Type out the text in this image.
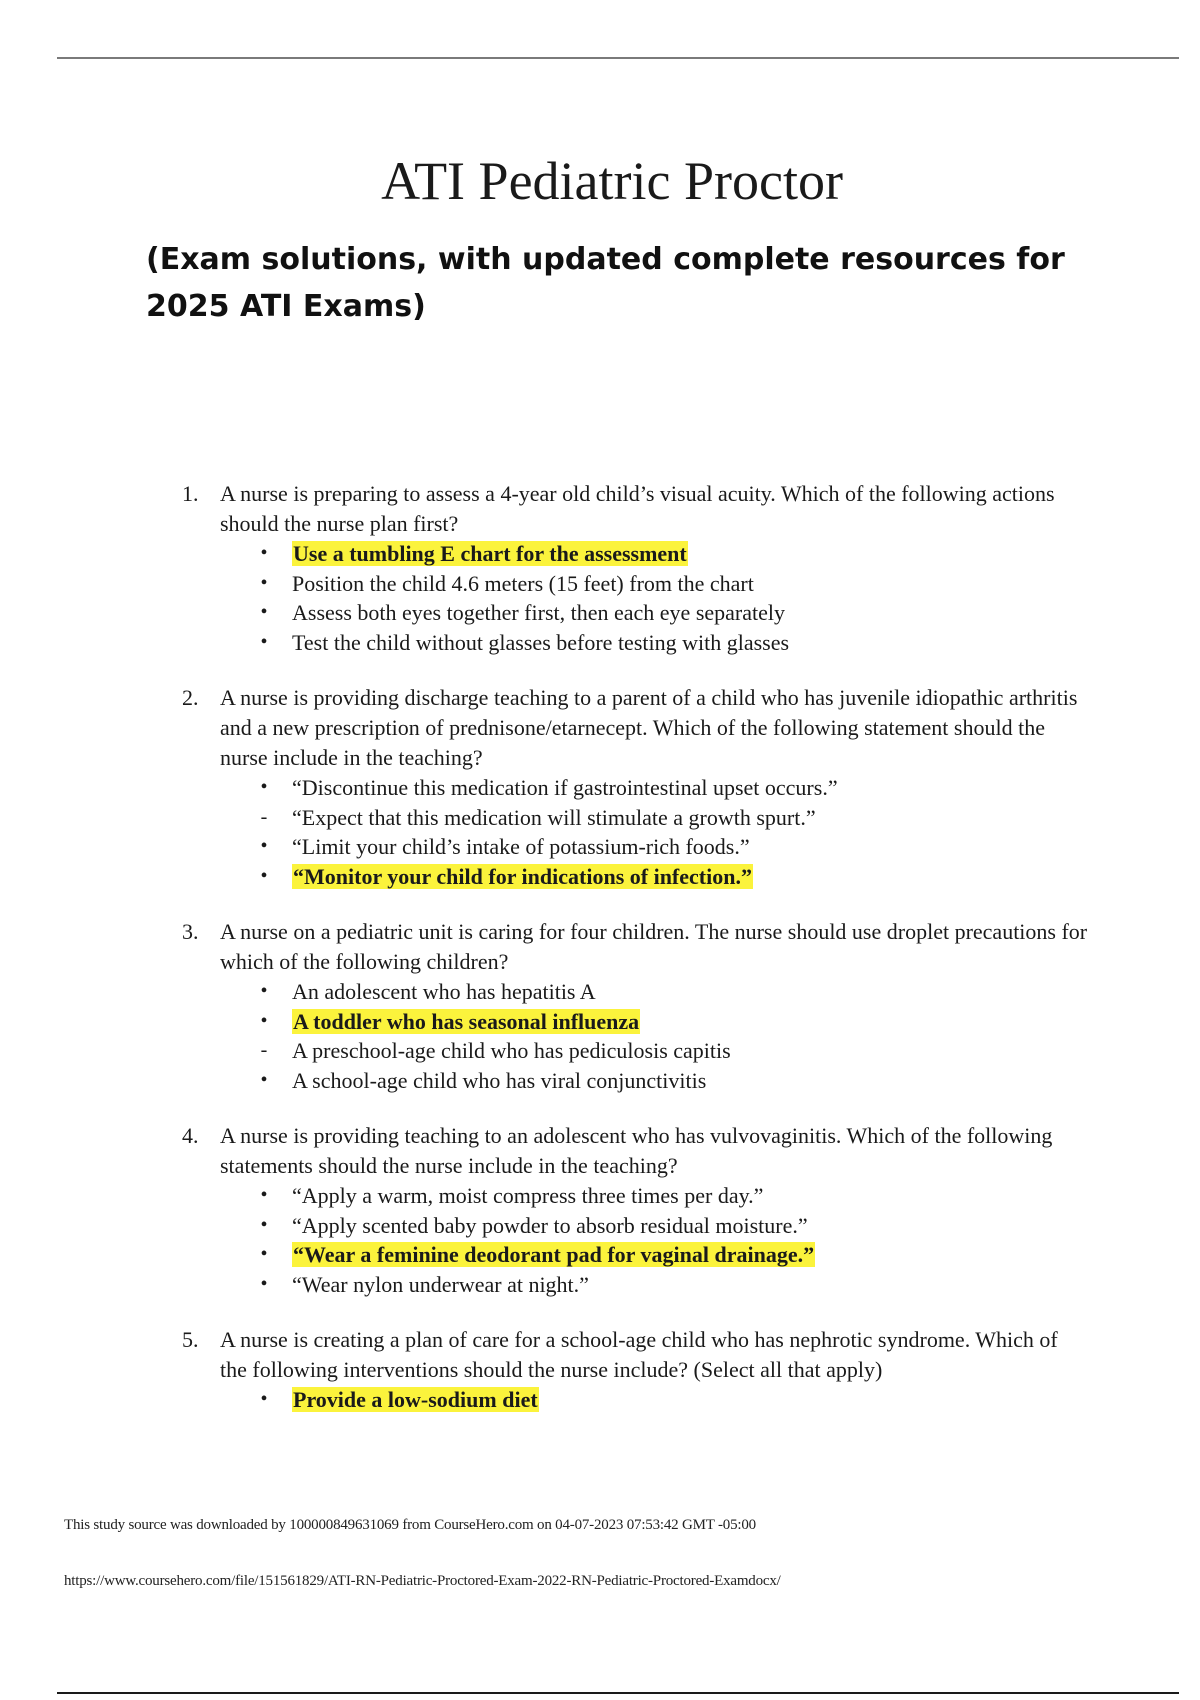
ATI Pediatric Proctor

(Exam solutions, with updated complete resources for 2025 ATI Exams)

1. A nurse is preparing to assess a 4-year old child’s visual acuity. Which of the following actions should the nurse plan first?

• Use a tumbling E chart for the assessment
• Position the child 4.6 meters (15 feet) from the chart
• Assess both eyes together first, then each eye separately
• Test the child without glasses before testing with glasses
2. A nurse is providing discharge teaching to a parent of a child who has juvenile idiopathic arthritis and a new prescription of prednisone/etarnecept. Which of the following statement should the nurse include in the teaching?

• “Discontinue this medication if gastrointestinal upset occurs.”
-	“Expect that this medication will stimulate a growth spurt.”
• “Limit your child’s intake of potassium-rich foods.”
• “Monitor your child for indications of infection.”
3. A nurse on a pediatric unit is caring for four children. The nurse should use droplet precautions for which of the following children?

• An adolescent who has hepatitis A
• A toddler who has seasonal influenza
-	A preschool-age child who has pediculosis capitis
• A school-age child who has viral conjunctivitis
4. A nurse is providing teaching to an adolescent who has vulvovaginitis. Which of the following statements should the nurse include in the teaching?

• “Apply a warm, moist compress three times per day.”
• “Apply scented baby powder to absorb residual moisture.”
• “Wear a feminine deodorant pad for vaginal drainage.”
• “Wear nylon underwear at night.”
5. A nurse is creating a plan of care for a school-age child who has nephrotic syndrome. Which of the following interventions should the nurse include? (Select all that apply)

• Provide a low-sodium diet

This study source was downloaded by 100000849631069 from CourseHero.com on 04-07-2023 07:53:42 GMT -05:00

https://www.coursehero.com/file/151561829/ATI-RN-Pediatric-Proctored-Exam-2022-RN-Pediatric-Proctored-Examdocx/
